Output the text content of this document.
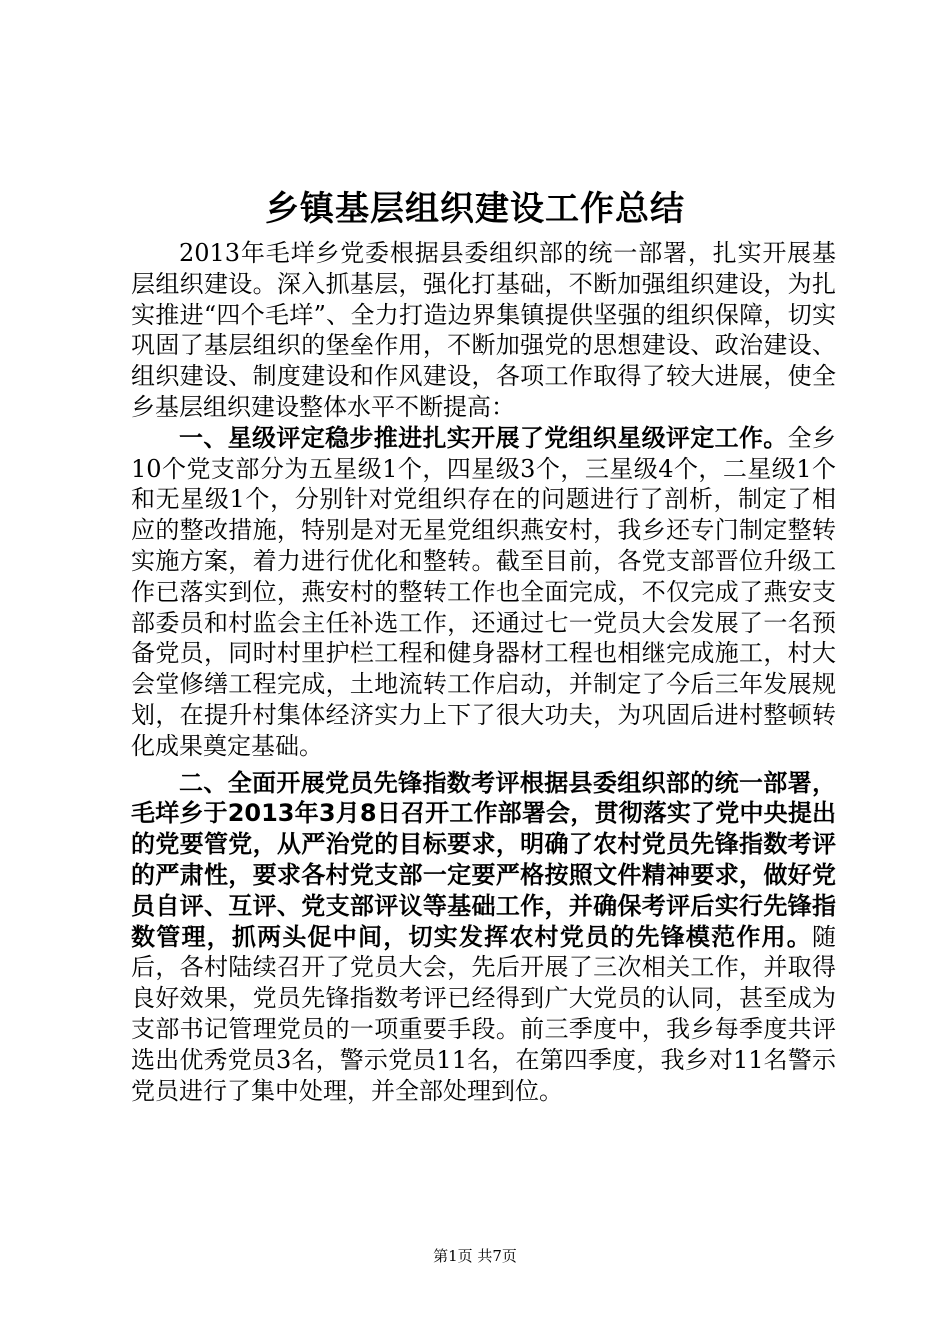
乡镇基层组织建设工作总结

2013年毛垟乡党委根据县委组织部的统一部署，扎实开展基层组织建设。深入抓基层，强化打基础，不断加强组织建设，为扎实推进“四个毛垟”、全力打造边界集镇提供坚强的组织保障，切实巩固了基层组织的堡垒作用，不断加强党的思想建设、政治建设、组织建设、制度建设和作风建设，各项工作取得了较大进展，使全乡基层组织建设整体水平不断提高：

一、星级评定稳步推进扎实开展了党组织星级评定工作。全乡10个党支部分为五星级1个，四星级3个，三星级4个，二星级1个和无星级1个，分别针对党组织存在的问题进行了剖析，制定了相应的整改措施，特别是对无星党组织燕安村，我乡还专门制定整转实施方案，着力进行优化和整转。截至目前，各党支部晋位升级工作已落实到位，燕安村的整转工作也全面完成，不仅完成了燕安支部委员和村监会主任补选工作，还通过七一党员大会发展了一名预备党员，同时村里护栏工程和健身器材工程也相继完成施工，村大会堂修缮工程完成，土地流转工作启动，并制定了今后三年发展规划，在提升村集体经济实力上下了很大功夫，为巩固后进村整顿转化成果奠定基础。

二、全面开展党员先锋指数考评根据县委组织部的统一部署，毛垟乡于2013年3月8日召开工作部署会，贯彻落实了党中央提出的党要管党，从严治党的目标要求，明确了农村党员先锋指数考评的严肃性，要求各村党支部一定要严格按照文件精神要求，做好党员自评、互评、党支部评议等基础工作，并确保考评后实行先锋指数管理，抓两头促中间，切实发挥农村党员的先锋模范作用。随后，各村陆续召开了党员大会，先后开展了三次相关工作，并取得良好效果，党员先锋指数考评已经得到广大党员的认同，甚至成为支部书记管理党员的一项重要手段。前三季度中，我乡每季度共评选出优秀党员3名，警示党员11名，在第四季度，我乡对11名警示党员进行了集中处理，并全部处理到位。

第1页 共7页
